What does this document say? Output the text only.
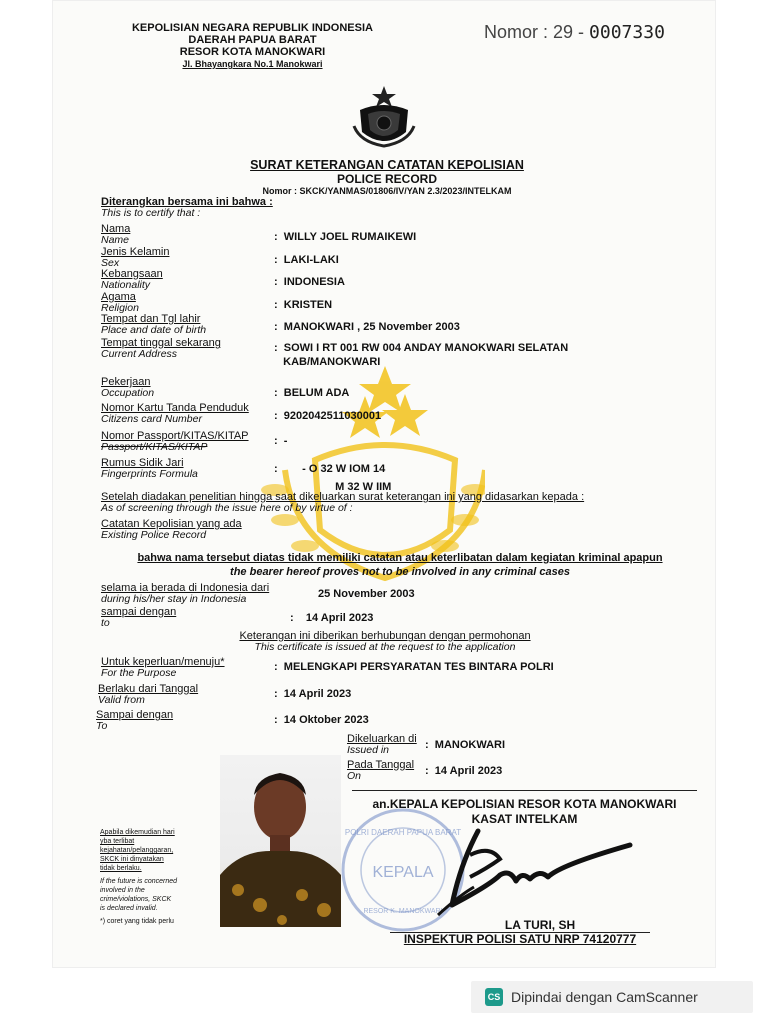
KEPOLISIAN NEGARA REPUBLIK INDONESIA
DAERAH PAPUA BARAT
RESOR KOTA MANOKWARI
Jl. Bhayangkara No.1 Manokwari
Nomor : 29 - 0007330
SURAT KETERANGAN CATATAN KEPOLISIAN
POLICE RECORD
Nomor : SKCK/YANMAS/01806/IV/YAN 2.3/2023/INTELKAM
Diterangkan bersama ini bahwa :
This is to certify that :
Nama
Name	:  WILLY JOEL RUMAIKEWI
Jenis Kelamin
Sex	:  LAKI-LAKI
Kebangsaan
Nationality	:  INDONESIA
Agama
Religion	:  KRISTEN
Tempat dan Tgl lahir
Place and date of birth	:  MANOKWARI , 25 November 2003
Tempat tinggal sekarang
Current Address	:  SOWI I RT 001 RW 004 ANDAY MANOKWARI SELATAN
KAB/MANOKWARI
Pekerjaan
Occupation	:  BELUM ADA
Nomor Kartu Tanda Penduduk
Citizens card Number	:  9202042511030001
Nomor Passport/KITAS/KITAP
Passport/KITAS/KITAP	:  -
Rumus Sidik Jari
Fingerprints Formula	:        - O 32 W IOM 14
M 32 W IIM
Setelah diadakan penelitian hingga saat dikeluarkan surat keterangan ini yang didasarkan kepada :
As of screening through the issue here of by virtue of :
Catatan Kepolisian yang ada
Existing Police Record
bahwa nama tersebut diatas tidak memiliki catatan atau keterlibatan dalam kegiatan kriminal apapun
the bearer hereof proves not to be involved in any criminal cases
selama ia berada di Indonesia dari
during his/her stay in Indonesia	25 November 2003
sampai dengan
to	:    14 April 2023
Keterangan ini diberikan berhubungan dengan permohonan
This certificate is issued at the request to the application
Untuk keperluan/menuju*
For the Purpose	:  MELENGKAPI PERSYARATAN TES BINTARA POLRI
Berlaku dari Tanggal
Valid from	:  14 April 2023
Sampai dengan
To	:  14 Oktober 2023
Dikeluarkan di
Issued in	:  MANOKWARI
Pada Tanggal
On	:  14 April 2023
Apabila dikemudian hari
yba terlibat
kejahatan/pelanggaran,
SKCK ini dinyatakan
tidak berlaku.
If the future is concerned
involved in the
crime/violations, SKCK
is declared invalid.
*) coret yang tidak perlu
an.KEPALA KEPOLISIAN RESOR KOTA MANOKWARI
KASAT INTELKAM
POLRI DAERAH PAPUA BARAT
KEPALA
RESOR K. MANOKWARI
LA TURI, SH
INSPEKTUR POLISI SATU NRP 74120777
CS Dipindai dengan CamScanner
